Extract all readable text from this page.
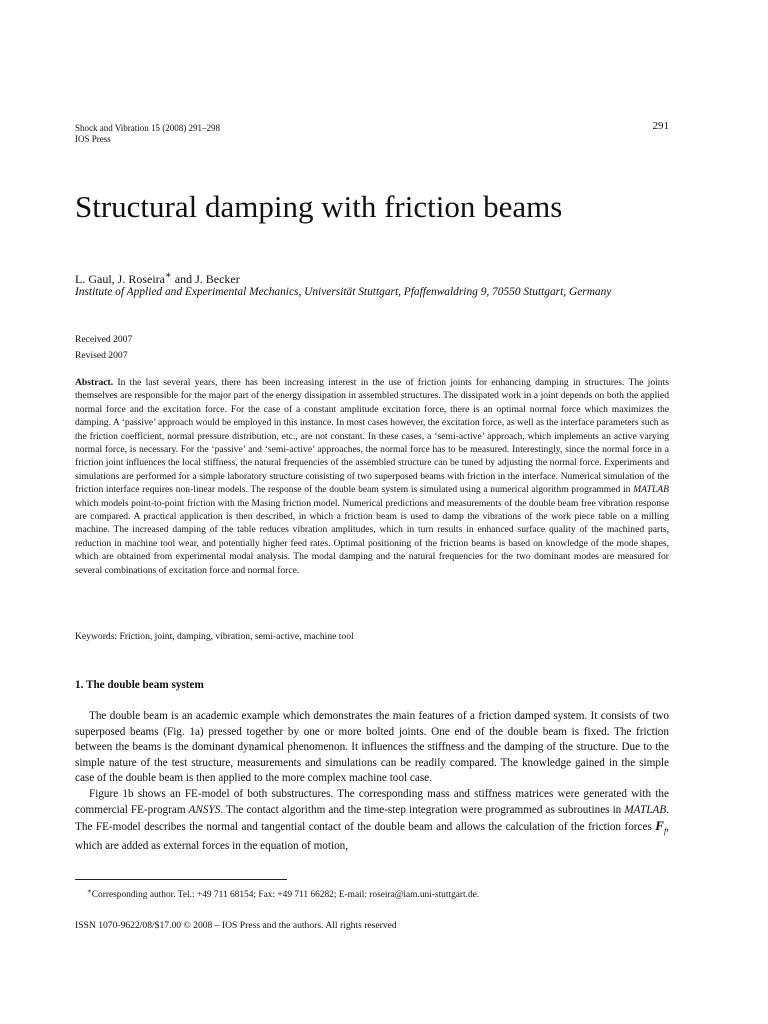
Shock and Vibration 15 (2008) 291–298
IOS Press
291
Structural damping with friction beams
L. Gaul, J. Roseira∗ and J. Becker
Institute of Applied and Experimental Mechanics, Universität Stuttgart, Pfaffenwaldring 9, 70550 Stuttgart, Germany
Received 2007
Revised 2007

Abstract. In the last several years, there has been increasing interest in the use of friction joints for enhancing damping in structures. The joints themselves are responsible for the major part of the energy dissipation in assembled structures. The dissipated work in a joint depends on both the applied normal force and the excitation force. For the case of a constant amplitude excitation force, there is an optimal normal force which maximizes the damping. A ‘passive’ approach would be employed in this instance. In most cases however, the excitation force, as well as the interface parameters such as the friction coefficient, normal pressure distribution, etc., are not constant. In these cases, a ‘semi-active’ approach, which implements an active varying normal force, is necessary. For the ‘passive’ and ‘semi-active’ approaches, the normal force has to be measured. Interestingly, since the normal force in a friction joint influences the local stiffness, the natural frequencies of the assembled structure can be tuned by adjusting the normal force. Experiments and simulations are performed for a simple laboratory structure consisting of two superposed beams with friction in the interface. Numerical simulation of the friction interface requires non-linear models. The response of the double beam system is simulated using a numerical algorithm programmed in MATLAB which models point-to-point friction with the Masing friction model. Numerical predictions and measurements of the double beam free vibration response are compared. A practical application is then described, in which a friction beam is used to damp the vibrations of the work piece table on a milling machine. The increased damping of the table reduces vibration amplitudes, which in turn results in enhanced surface quality of the machined parts, reduction in machine tool wear, and potentially higher feed rates. Optimal positioning of the friction beams is based on knowledge of the mode shapes, which are obtained from experimental modal analysis. The modal damping and the natural frequencies for the two dominant modes are measured for several combinations of excitation force and normal force.

Keywords: Friction, joint, damping, vibration, semi-active, machine tool
1. The double beam system

The double beam is an academic example which demonstrates the main features of a friction damped system. It consists of two superposed beams (Fig. 1a) pressed together by one or more bolted joints. One end of the double beam is fixed. The friction between the beams is the dominant dynamical phenomenon. It influences the stiffness and the damping of the structure. Due to the simple nature of the test structure, measurements and simulations can be readily compared. The knowledge gained in the simple case of the double beam is then applied to the more complex machine tool case.

Figure 1b shows an FE-model of both substructures. The corresponding mass and stiffness matrices were generated with the commercial FE-program ANSYS. The contact algorithm and the time-step integration were programmed as subroutines in MATLAB. The FE-model describes the normal and tangential contact of the double beam and allows the calculation of the friction forces $F_f$, which are added as external forces in the equation of motion,

∗Corresponding author. Tel.: +49 711 68154; Fax: +49 711 66282; E-mail: roseira@iam.uni-stuttgart.de.
ISSN 1070-9622/08/$17.00 © 2008 – IOS Press and the authors. All rights reserved
